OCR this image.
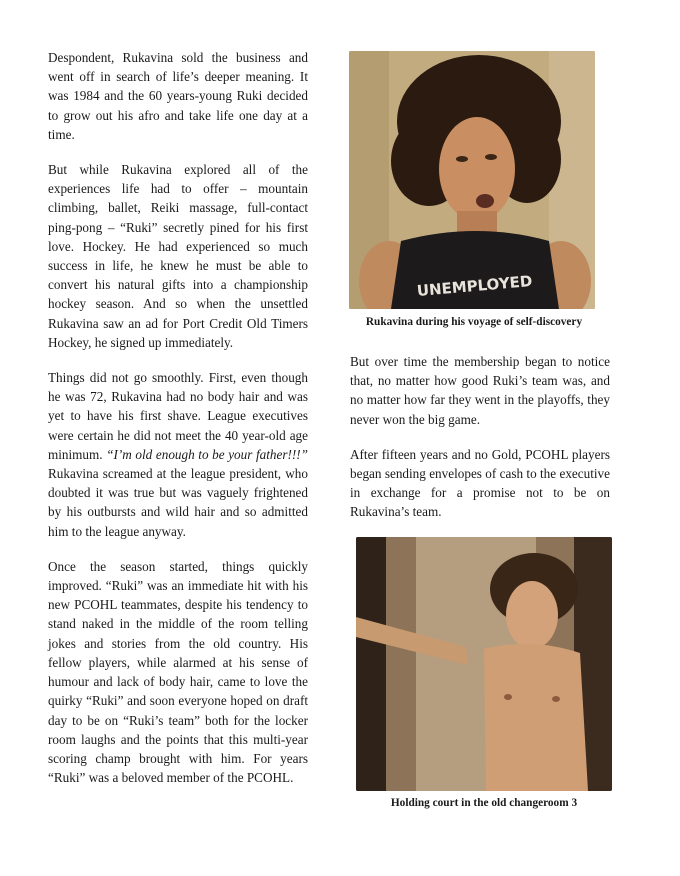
Despondent, Rukavina sold the business and went off in search of life’s deeper meaning. It was 1984 and the 60 years-young Ruki decided to grow out his afro and take life one day at a time.

But while Rukavina explored all of the experiences life had to offer – mountain climbing, ballet, Reiki massage, full-contact ping-pong – “Ruki” secretly pined for his first love. Hockey. He had experienced so much success in life, he knew he must be able to convert his natural gifts into a championship hockey season. And so when the unsettled Rukavina saw an ad for Port Credit Old Timers Hockey, he signed up immediately.

Things did not go smoothly. First, even though he was 72, Rukavina had no body hair and was yet to have his first shave. League executives were certain he did not meet the 40 year-old age minimum. “I’m old enough to be your father!!!” Rukavina screamed at the league president, who doubted it was true but was vaguely frightened by his outbursts and wild hair and so admitted him to the league anyway.

Once the season started, things quickly improved. “Ruki” was an immediate hit with his new PCOHL teammates, despite his tendency to stand naked in the middle of the room telling jokes and stories from the old country. His fellow players, while alarmed at his sense of humour and lack of body hair, came to love the quirky “Ruki” and soon everyone hoped on draft day to be on “Ruki’s team” both for the locker room laughs and the points that this multi-year scoring champ brought with him. For years “Ruki” was a beloved member of the PCOHL.

UNEMPLOYED
Rukavina during his voyage of self-discovery

But over time the membership began to notice that, no matter how good Ruki’s team was, and no matter how far they went in the playoffs, they never won the big game.

After fifteen years and no Gold, PCOHL players began sending envelopes of cash to the executive in exchange for a promise not to be on Rukavina’s team.

Holding court in the old changeroom 3
